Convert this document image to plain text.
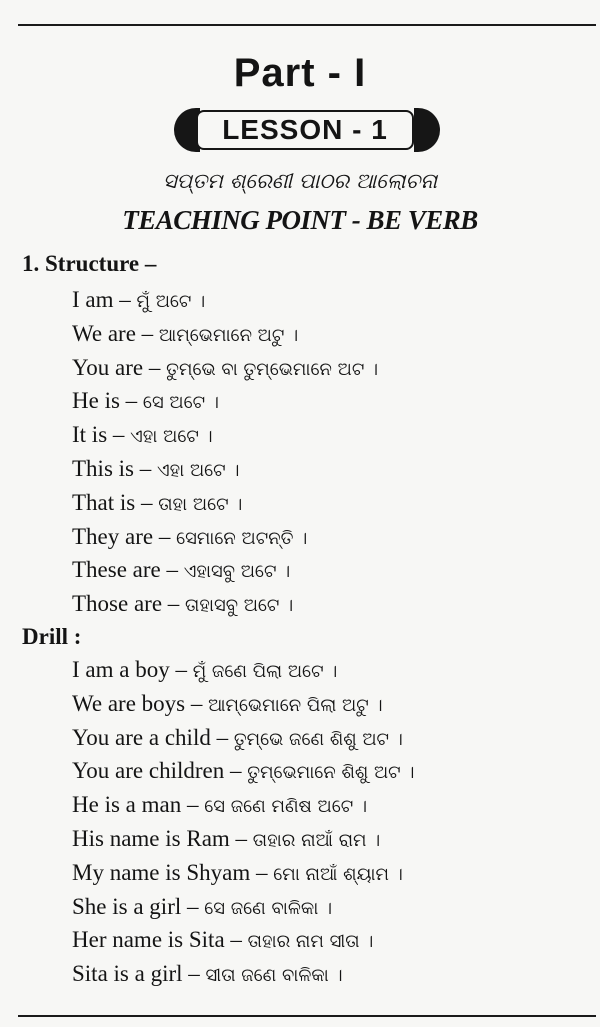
Part - I
LESSON - 1
ସପ୍ତମ ଶ୍ରେଣୀ ପାଠର ଆଲୋଚନା
TEACHING POINT - BE VERB
1. Structure –
I am – ମୁଁ ଅଟେ ।
We are – ଆମ୍ଭେମାନେ ଅଟୁ ।
You are – ତୁମ୍ଭେ ବା ତୁମ୍ଭେମାନେ ଅଟ ।
He is – ସେ ଅଟେ ।
It is – ଏହା ଅଟେ ।
This is – ଏହା ଅଟେ ।
That is – ତାହା ଅଟେ ।
They are – ସେମାନେ ଅଟନ୍ତି ।
These are – ଏହାସବୁ ଅଟେ ।
Those are – ତାହାସବୁ ଅଟେ ।
Drill :
I am a boy – ମୁଁ ଜଣେ ପିଲା ଅଟେ ।
We are boys – ଆମ୍ଭେମାନେ ପିଲା ଅଟୁ ।
You are a child – ତୁମ୍ଭେ ଜଣେ ଶିଶୁ ଅଟ ।
You are children – ତୁମ୍ଭେମାନେ ଶିଶୁ ଅଟ ।
He is a man – ସେ ଜଣେ ମଣିଷ ଅଟେ ।
His name is Ram – ତାହାର ନାଆଁ ରାମ ।
My name is Shyam – ମୋ ନାଆଁ ଶ୍ୟାମ ।
She is a girl – ସେ ଜଣେ ବାଳିକା ।
Her name is Sita – ତାହାର ନାମ ସୀତା ।
Sita is a girl – ସୀତା ଜଣେ ବାଳିକା ।
